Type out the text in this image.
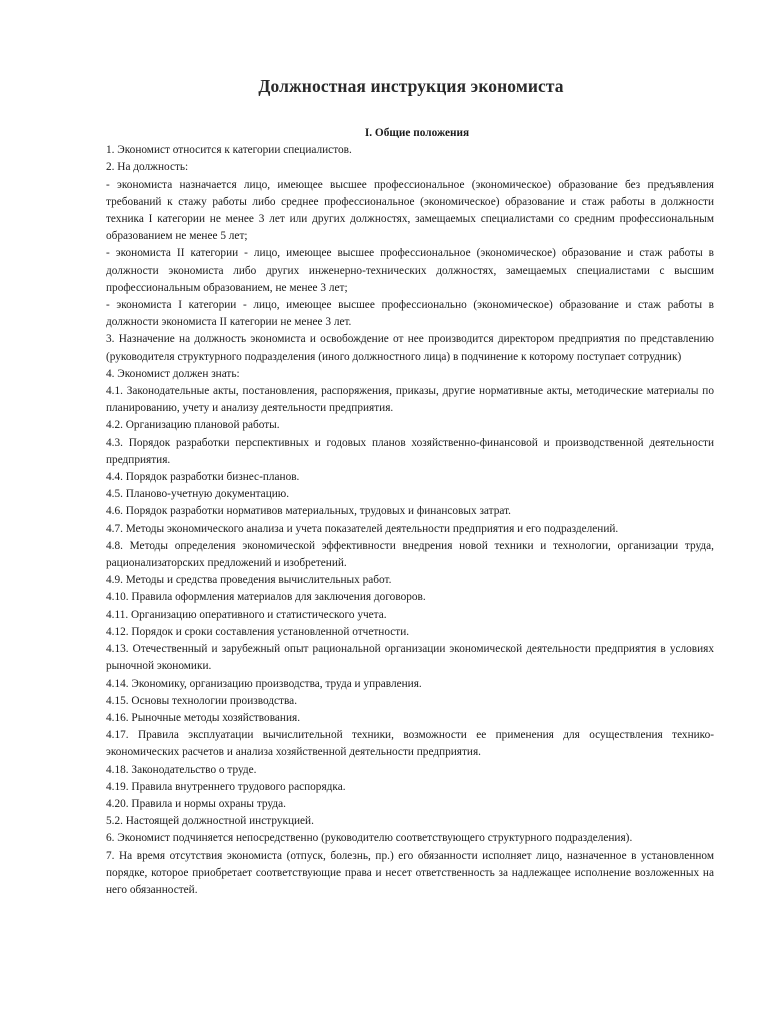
Должностная инструкция экономиста

I. Общие положения

1. Экономист относится к категории специалистов.

2. На должность:

- экономиста назначается лицо, имеющее высшее профессиональное (экономическое) образование без предъявления требований к стажу работы либо среднее профессиональное (экономическое) образование и стаж работы в должности техника I категории не менее 3 лет или других должностях, замещаемых специалистами со средним профессиональным образованием не менее 5 лет;

- экономиста II категории - лицо, имеющее высшее профессиональное (экономическое) образование и стаж работы в должности экономиста либо других инженерно-технических должностях, замещаемых специалистами с высшим профессиональным образованием, не менее 3 лет;

- экономиста I категории - лицо, имеющее высшее профессионально (экономическое) образование и стаж работы в должности экономиста II категории не менее 3 лет.

3. Назначение на должность экономиста и освобождение от нее производится директором предприятия по представлению (руководителя структурного подразделения (иного должностного лица) в подчинение к которому поступает сотрудник)

4. Экономист должен знать:

4.1. Законодательные акты, постановления, распоряжения, приказы, другие нормативные акты, методические материалы по планированию, учету и анализу деятельности предприятия.

4.2. Организацию плановой работы.

4.3. Порядок разработки перспективных и годовых планов хозяйственно-финансовой и производственной деятельности предприятия.

4.4. Порядок разработки бизнес-планов.

4.5. Планово-учетную документацию.

4.6. Порядок разработки нормативов материальных, трудовых и финансовых затрат.

4.7. Методы экономического анализа и учета показателей деятельности предприятия и его подразделений.

4.8. Методы определения экономической эффективности внедрения новой техники и технологии, организации труда, рационализаторских предложений и изобретений.

4.9. Методы и средства проведения вычислительных работ.

4.10. Правила оформления материалов для заключения договоров.

4.11. Организацию оперативного и статистического учета.

4.12. Порядок и сроки составления установленной отчетности.

4.13. Отечественный и зарубежный опыт рациональной организации экономической деятельности предприятия в условиях рыночной экономики.

4.14. Экономику, организацию производства, труда и управления.

4.15. Основы технологии производства.

4.16. Рыночные методы хозяйствования.

4.17. Правила эксплуатации вычислительной техники, возможности ее применения для осуществления технико-экономических расчетов и анализа хозяйственной деятельности предприятия.

4.18. Законодательство о труде.

4.19. Правила внутреннего трудового распорядка.

4.20. Правила и нормы охраны труда.

5.2. Настоящей должностной инструкцией.

6. Экономист подчиняется непосредственно (руководителю соответствующего структурного подразделения).

7. На время отсутствия экономиста (отпуск, болезнь, пр.) его обязанности исполняет лицо, назначенное в установленном порядке, которое приобретает соответствующие права и несет ответственность за надлежащее исполнение возложенных на него обязанностей.
